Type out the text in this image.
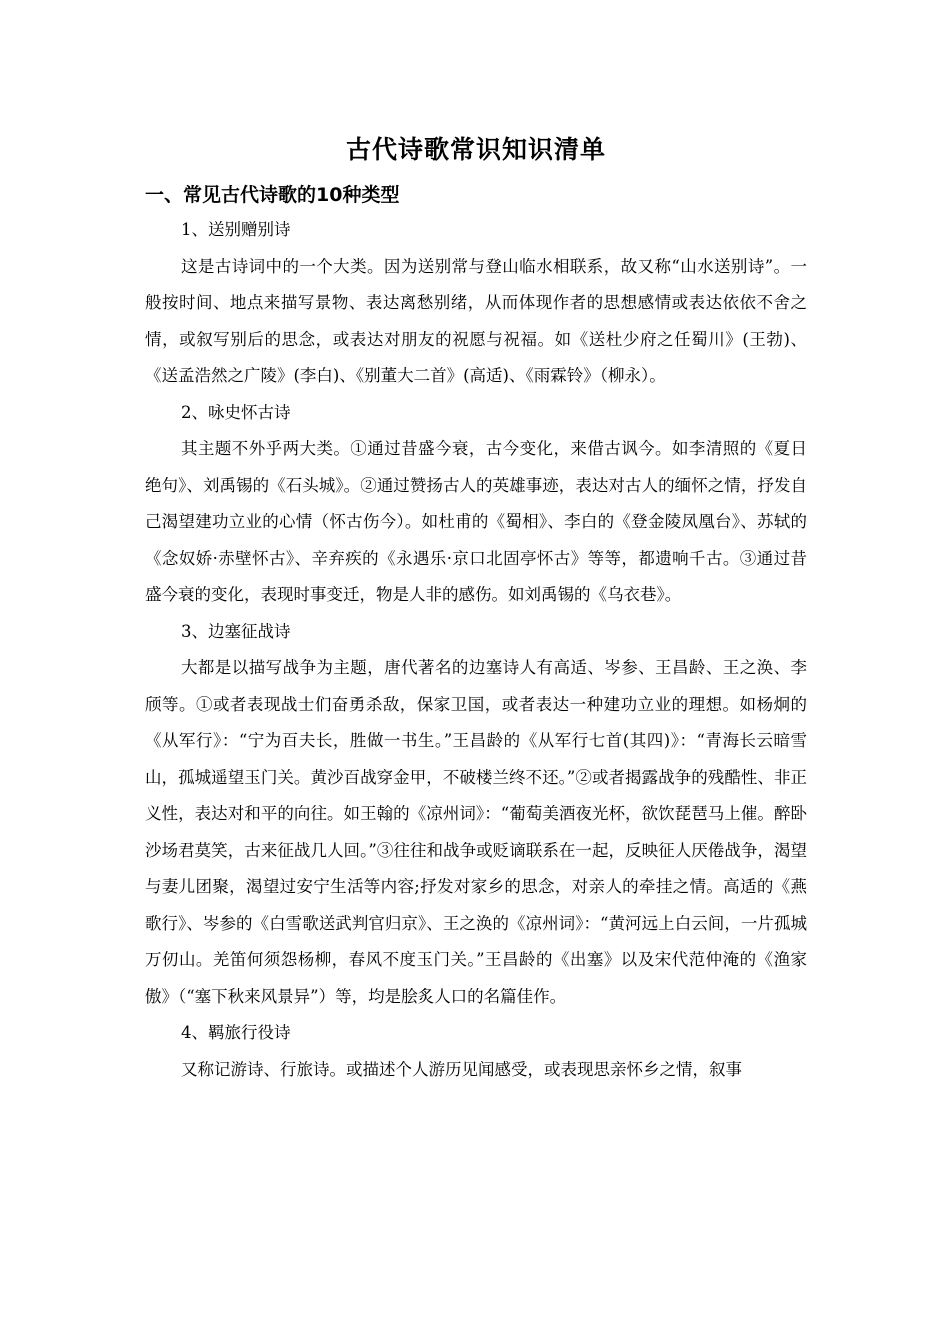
古代诗歌常识知识清单
一、常见古代诗歌的10种类型

1、送别赠别诗

这是古诗词中的一个大类。因为送别常与登山临水相联系，故又称“山水送别诗”。一般按时间、地点来描写景物、表达离愁别绪，从而体现作者的思想感情或表达依依不舍之情，或叙写别后的思念，或表达对朋友的祝愿与祝福。如《送杜少府之任蜀川》(王勃)、《送孟浩然之广陵》(李白)、《别董大二首》(高适)、《雨霖铃》（柳永）。

2、咏史怀古诗

其主题不外乎两大类。①通过昔盛今衰，古今变化，来借古讽今。如李清照的《夏日绝句》、刘禹锡的《石头城》。②通过赞扬古人的英雄事迹，表达对古人的缅怀之情，抒发自己渴望建功立业的心情（怀古伤今）。如杜甫的《蜀相》、李白的《登金陵凤凰台》、苏轼的《念奴娇·赤壁怀古》、辛弃疾的《永遇乐·京口北固亭怀古》等等，都遗响千古。③通过昔盛今衰的变化，表现时事变迁，物是人非的感伤。如刘禹锡的《乌衣巷》。

3、边塞征战诗

大都是以描写战争为主题，唐代著名的边塞诗人有高适、岑参、王昌龄、王之涣、李颀等。①或者表现战士们奋勇杀敌，保家卫国，或者表达一种建功立业的理想。如杨炯的《从军行》：“宁为百夫长，胜做一书生。”王昌龄的《从军行七首(其四)》：“青海长云暗雪山，孤城遥望玉门关。黄沙百战穿金甲，不破楼兰终不还。”②或者揭露战争的残酷性、非正义性，表达对和平的向往。如王翰的《凉州词》：“葡萄美酒夜光杯，欲饮琵琶马上催。醉卧沙场君莫笑，古来征战几人回。”③往往和战争或贬谪联系在一起，反映征人厌倦战争，渴望与妻儿团聚，渴望过安宁生活等内容;抒发对家乡的思念，对亲人的牵挂之情。高适的《燕歌行》、岑参的《白雪歌送武判官归京》、王之涣的《凉州词》：“黄河远上白云间，一片孤城万仞山。羌笛何须怨杨柳，春风不度玉门关。”王昌龄的《出塞》以及宋代范仲淹的《渔家傲》（“塞下秋来风景异”）等，均是脍炙人口的名篇佳作。

4、羁旅行役诗

又称记游诗、行旅诗。或描述个人游历见闻感受，或表现思亲怀乡之情，叙事
